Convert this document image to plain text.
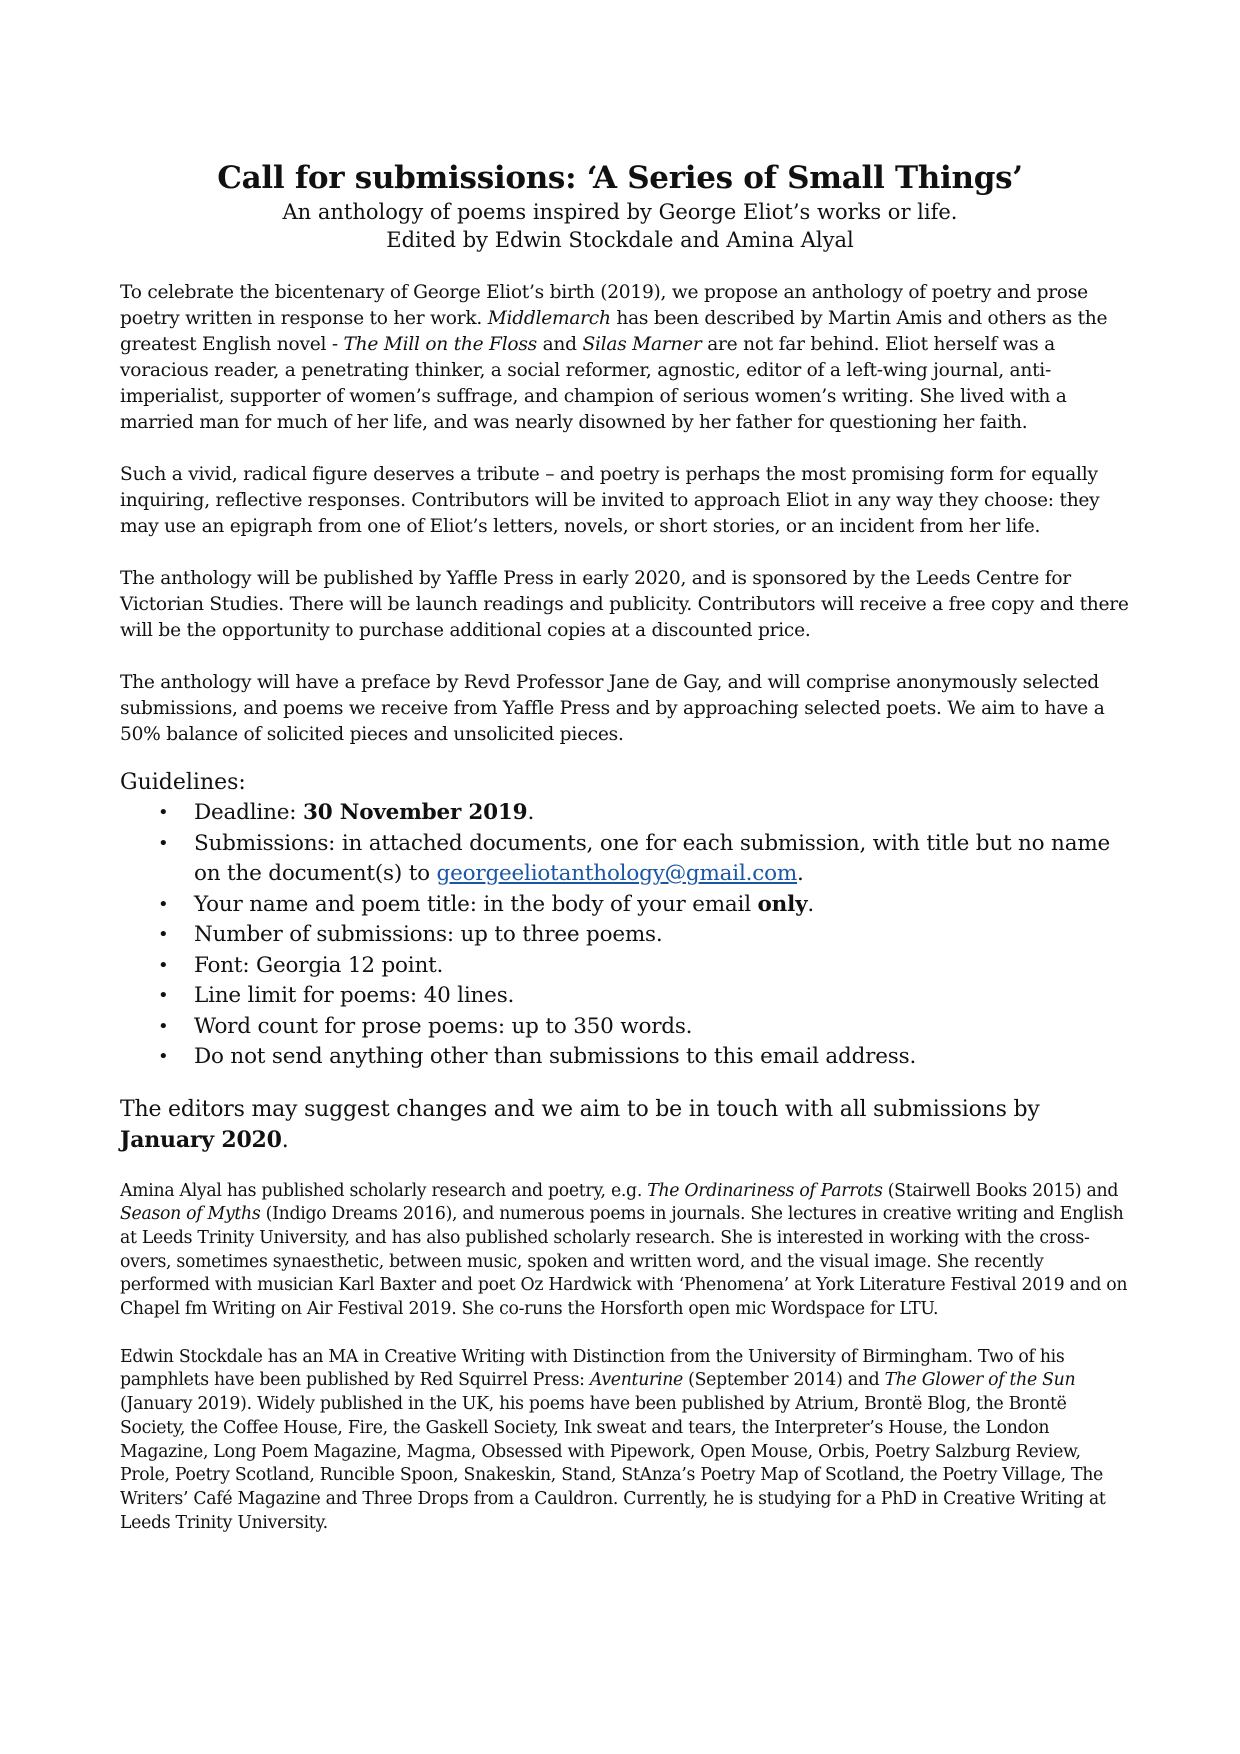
Call for submissions: ‘A Series of Small Things’

An anthology of poems inspired by George Eliot’s works or life.

Edited by Edwin Stockdale and Amina Alyal

To celebrate the bicentenary of George Eliot’s birth (2019), we propose an anthology of poetry and prose poetry written in response to her work. Middlemarch has been described by Martin Amis and others as the greatest English novel - The Mill on the Floss and Silas Marner are not far behind. Eliot herself was a voracious reader, a penetrating thinker, a social reformer, agnostic, editor of a left-wing journal, anti-imperialist, supporter of women’s suffrage, and champion of serious women’s writing. She lived with a married man for much of her life, and was nearly disowned by her father for questioning her faith.

Such a vivid, radical figure deserves a tribute – and poetry is perhaps the most promising form for equally inquiring, reflective responses. Contributors will be invited to approach Eliot in any way they choose: they may use an epigraph from one of Eliot’s letters, novels, or short stories, or an incident from her life.

The anthology will be published by Yaffle Press in early 2020, and is sponsored by the Leeds Centre for Victorian Studies. There will be launch readings and publicity. Contributors will receive a free copy and there will be the opportunity to purchase additional copies at a discounted price.

The anthology will have a preface by Revd Professor Jane de Gay, and will comprise anonymously selected submissions, and poems we receive from Yaffle Press and by approaching selected poets. We aim to have a 50% balance of solicited pieces and unsolicited pieces.

Guidelines:

• Deadline: 30 November 2019.
• Submissions: in attached documents, one for each submission, with title but no name on the document(s) to georgeeliotanthology@gmail.com.
• Your name and poem title: in the body of your email only.
• Number of submissions: up to three poems.
• Font: Georgia 12 point.
• Line limit for poems: 40 lines.
• Word count for prose poems: up to 350 words.
• Do not send anything other than submissions to this email address.

The editors may suggest changes and we aim to be in touch with all submissions by January 2020.

Amina Alyal has published scholarly research and poetry, e.g. The Ordinariness of Parrots (Stairwell Books 2015) and Season of Myths (Indigo Dreams 2016), and numerous poems in journals. She lectures in creative writing and English at Leeds Trinity University, and has also published scholarly research. She is interested in working with the cross-overs, sometimes synaesthetic, between music, spoken and written word, and the visual image. She recently performed with musician Karl Baxter and poet Oz Hardwick with ‘Phenomena’ at York Literature Festival 2019 and on Chapel fm Writing on Air Festival 2019. She co-runs the Horsforth open mic Wordspace for LTU.

Edwin Stockdale has an MA in Creative Writing with Distinction from the University of Birmingham. Two of his pamphlets have been published by Red Squirrel Press: Aventurine (September 2014) and The Glower of the Sun (January 2019). Widely published in the UK, his poems have been published by Atrium, Brontë Blog, the Brontë Society, the Coffee House, Fire, the Gaskell Society, Ink sweat and tears, the Interpreter’s House, the London Magazine, Long Poem Magazine, Magma, Obsessed with Pipework, Open Mouse, Orbis, Poetry Salzburg Review, Prole, Poetry Scotland, Runcible Spoon, Snakeskin, Stand, StAnza’s Poetry Map of Scotland, the Poetry Village, The Writers’ Café Magazine and Three Drops from a Cauldron. Currently, he is studying for a PhD in Creative Writing at Leeds Trinity University.
